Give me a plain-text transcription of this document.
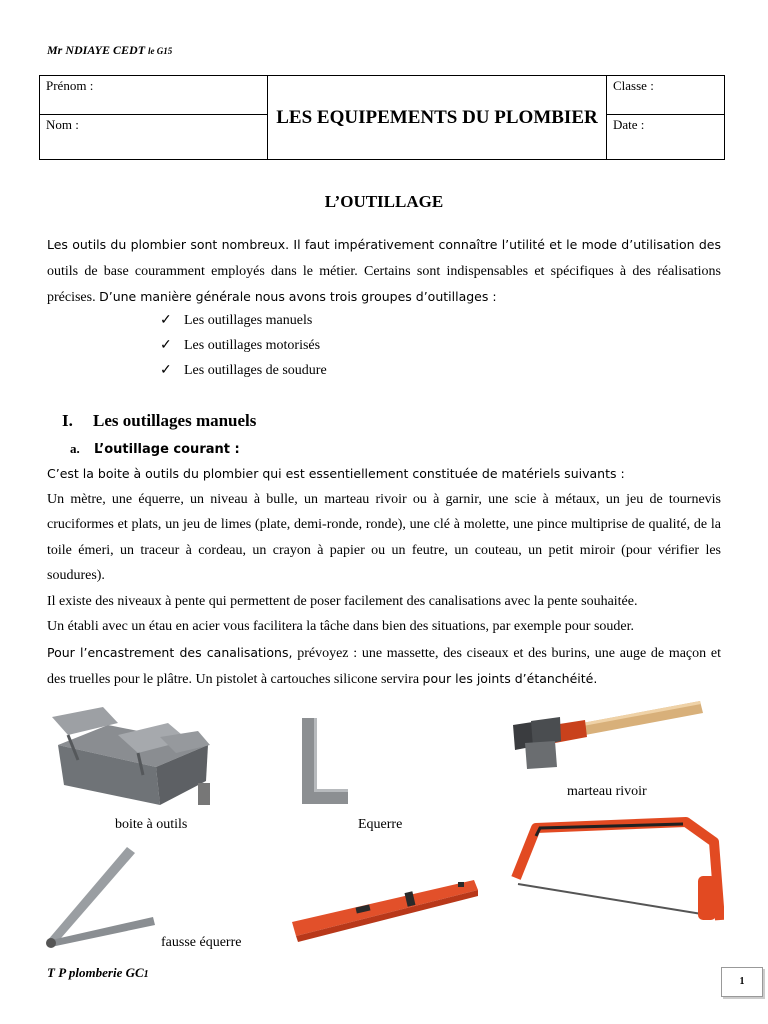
Mr NDIAYE CEDT le G15
Prénom :	LES EQUIPEMENTS DU PLOMBIER	Classe :
Nom :		Date :
L’OUTILLAGE
Les outils du plombier sont nombreux. Il faut impérativement connaître l’utilité et le mode d’utilisation des outils de base couramment employés dans le métier. Certains sont indispensables et spécifiques à des réalisations précises. D’une manière générale nous avons trois groupes d’outillages :
✓ Les outillages manuels
✓ Les outillages motorisés
✓ Les outillages de soudure
I. Les outillages manuels
a. L’outillage courant :
C’est la boite à outils du plombier qui est essentiellement constituée de matériels suivants :
Un mètre, une équerre, un niveau à bulle, un marteau rivoir ou à garnir, une scie à métaux, un jeu de tournevis cruciformes et plats, un jeu de limes (plate, demi-ronde, ronde), une clé à molette, une pince multiprise de qualité, de la toile émeri, un traceur à cordeau, un crayon à papier ou un feutre, un couteau, un petit miroir (pour vérifier les soudures).
Il existe des niveaux à pente qui permettent de poser facilement des canalisations avec la pente souhaitée.
Un établi avec un étau en acier vous facilitera la tâche dans bien des situations, par exemple pour souder.
Pour l’encastrement des canalisations, prévoyez : une massette, des ciseaux et des burins, une auge de maçon et des truelles pour le plâtre. Un pistolet à cartouches silicone servira pour les joints d’étanchéité.
boite à outils	Equerre
marteau rivoir
fausse équerre
Niveau à bulle
Scie à métaux
T P plomberie GC1
1
